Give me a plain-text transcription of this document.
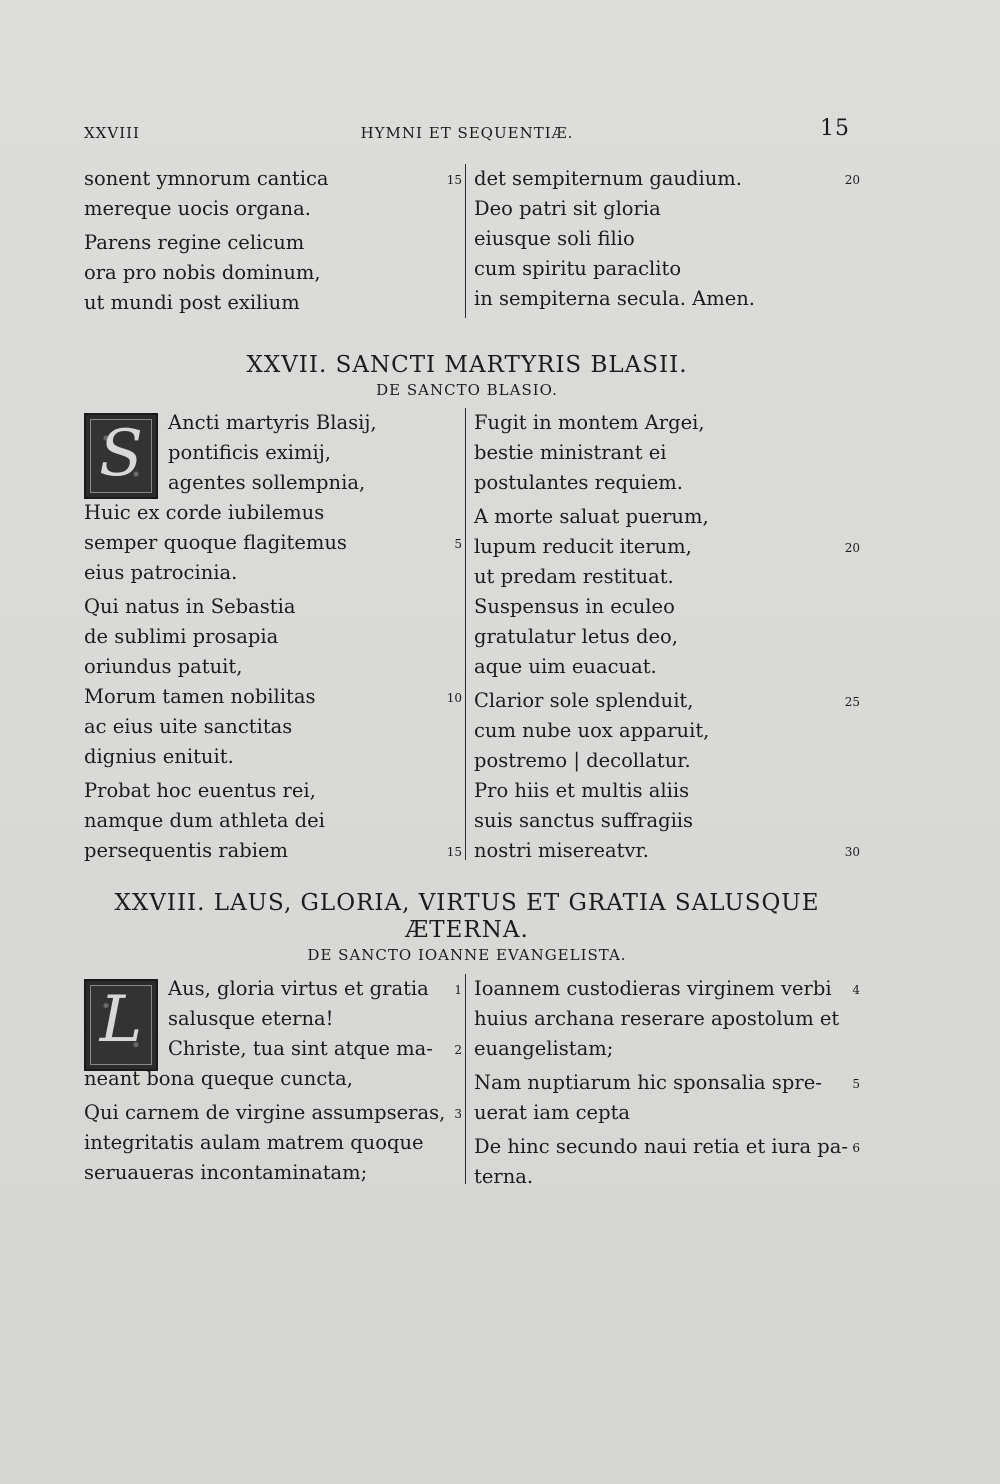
XXVIII	HYMNI ET SEQUENTIÆ.	15
sonent ymnorum cantica	15
mereque uocis organa.
Parens regine celicum
ora pro nobis dominum,
ut mundi post exilium
det sempiternum gaudium.	20
Deo patri sit gloria
eiusque soli filio
cum spiritu paraclito
in sempiterna secula. Amen.
XXVII. SANCTI MARTYRIS BLASII.
DE SANCTO BLASIO.
S	Ancti martyris Blasij,
pontificis eximij,
agentes sollempnia,
Huic ex corde iubilemus
semper quoque flagitemus	5
eius patrocinia.
Qui natus in Sebastia
de sublimi prosapia
oriundus patuit,
Morum tamen nobilitas	10
ac eius uite sanctitas
dignius enituit.
Probat hoc euentus rei,
namque dum athleta dei
persequentis rabiem	15
Fugit in montem Argei,
bestie ministrant ei
postulantes requiem.
A morte saluat puerum,
lupum reducit iterum,	20
ut predam restituat.
Suspensus in eculeo
gratulatur letus deo,
aque uim euacuat.
Clarior sole splenduit,	25
cum nube uox apparuit,
postremo | decollatur.
Pro hiis et multis aliis
suis sanctus suffragiis
nostri misereatvr.	30
XXVIII. LAUS, GLORIA, VIRTUS ET GRATIA SALUSQUE
ÆTERNA.
DE SANCTO IOANNE EVANGELISTA.
L	Aus, gloria virtus et gratia 1
salusque eterna!
Christe, tua sint atque ma- 2
neant bona queque cuncta,
Qui carnem de virgine assumpseras, 3
integritatis aulam matrem quoque
seruaueras incontaminatam;
Ioannem custodieras virginem verbi 4
huius archana reserare apostolum et
euangelistam;
Nam nuptiarum hic sponsalia spre-	5
uerat iam cepta
De hinc secundo naui retia et iura pa- 6
terna.
